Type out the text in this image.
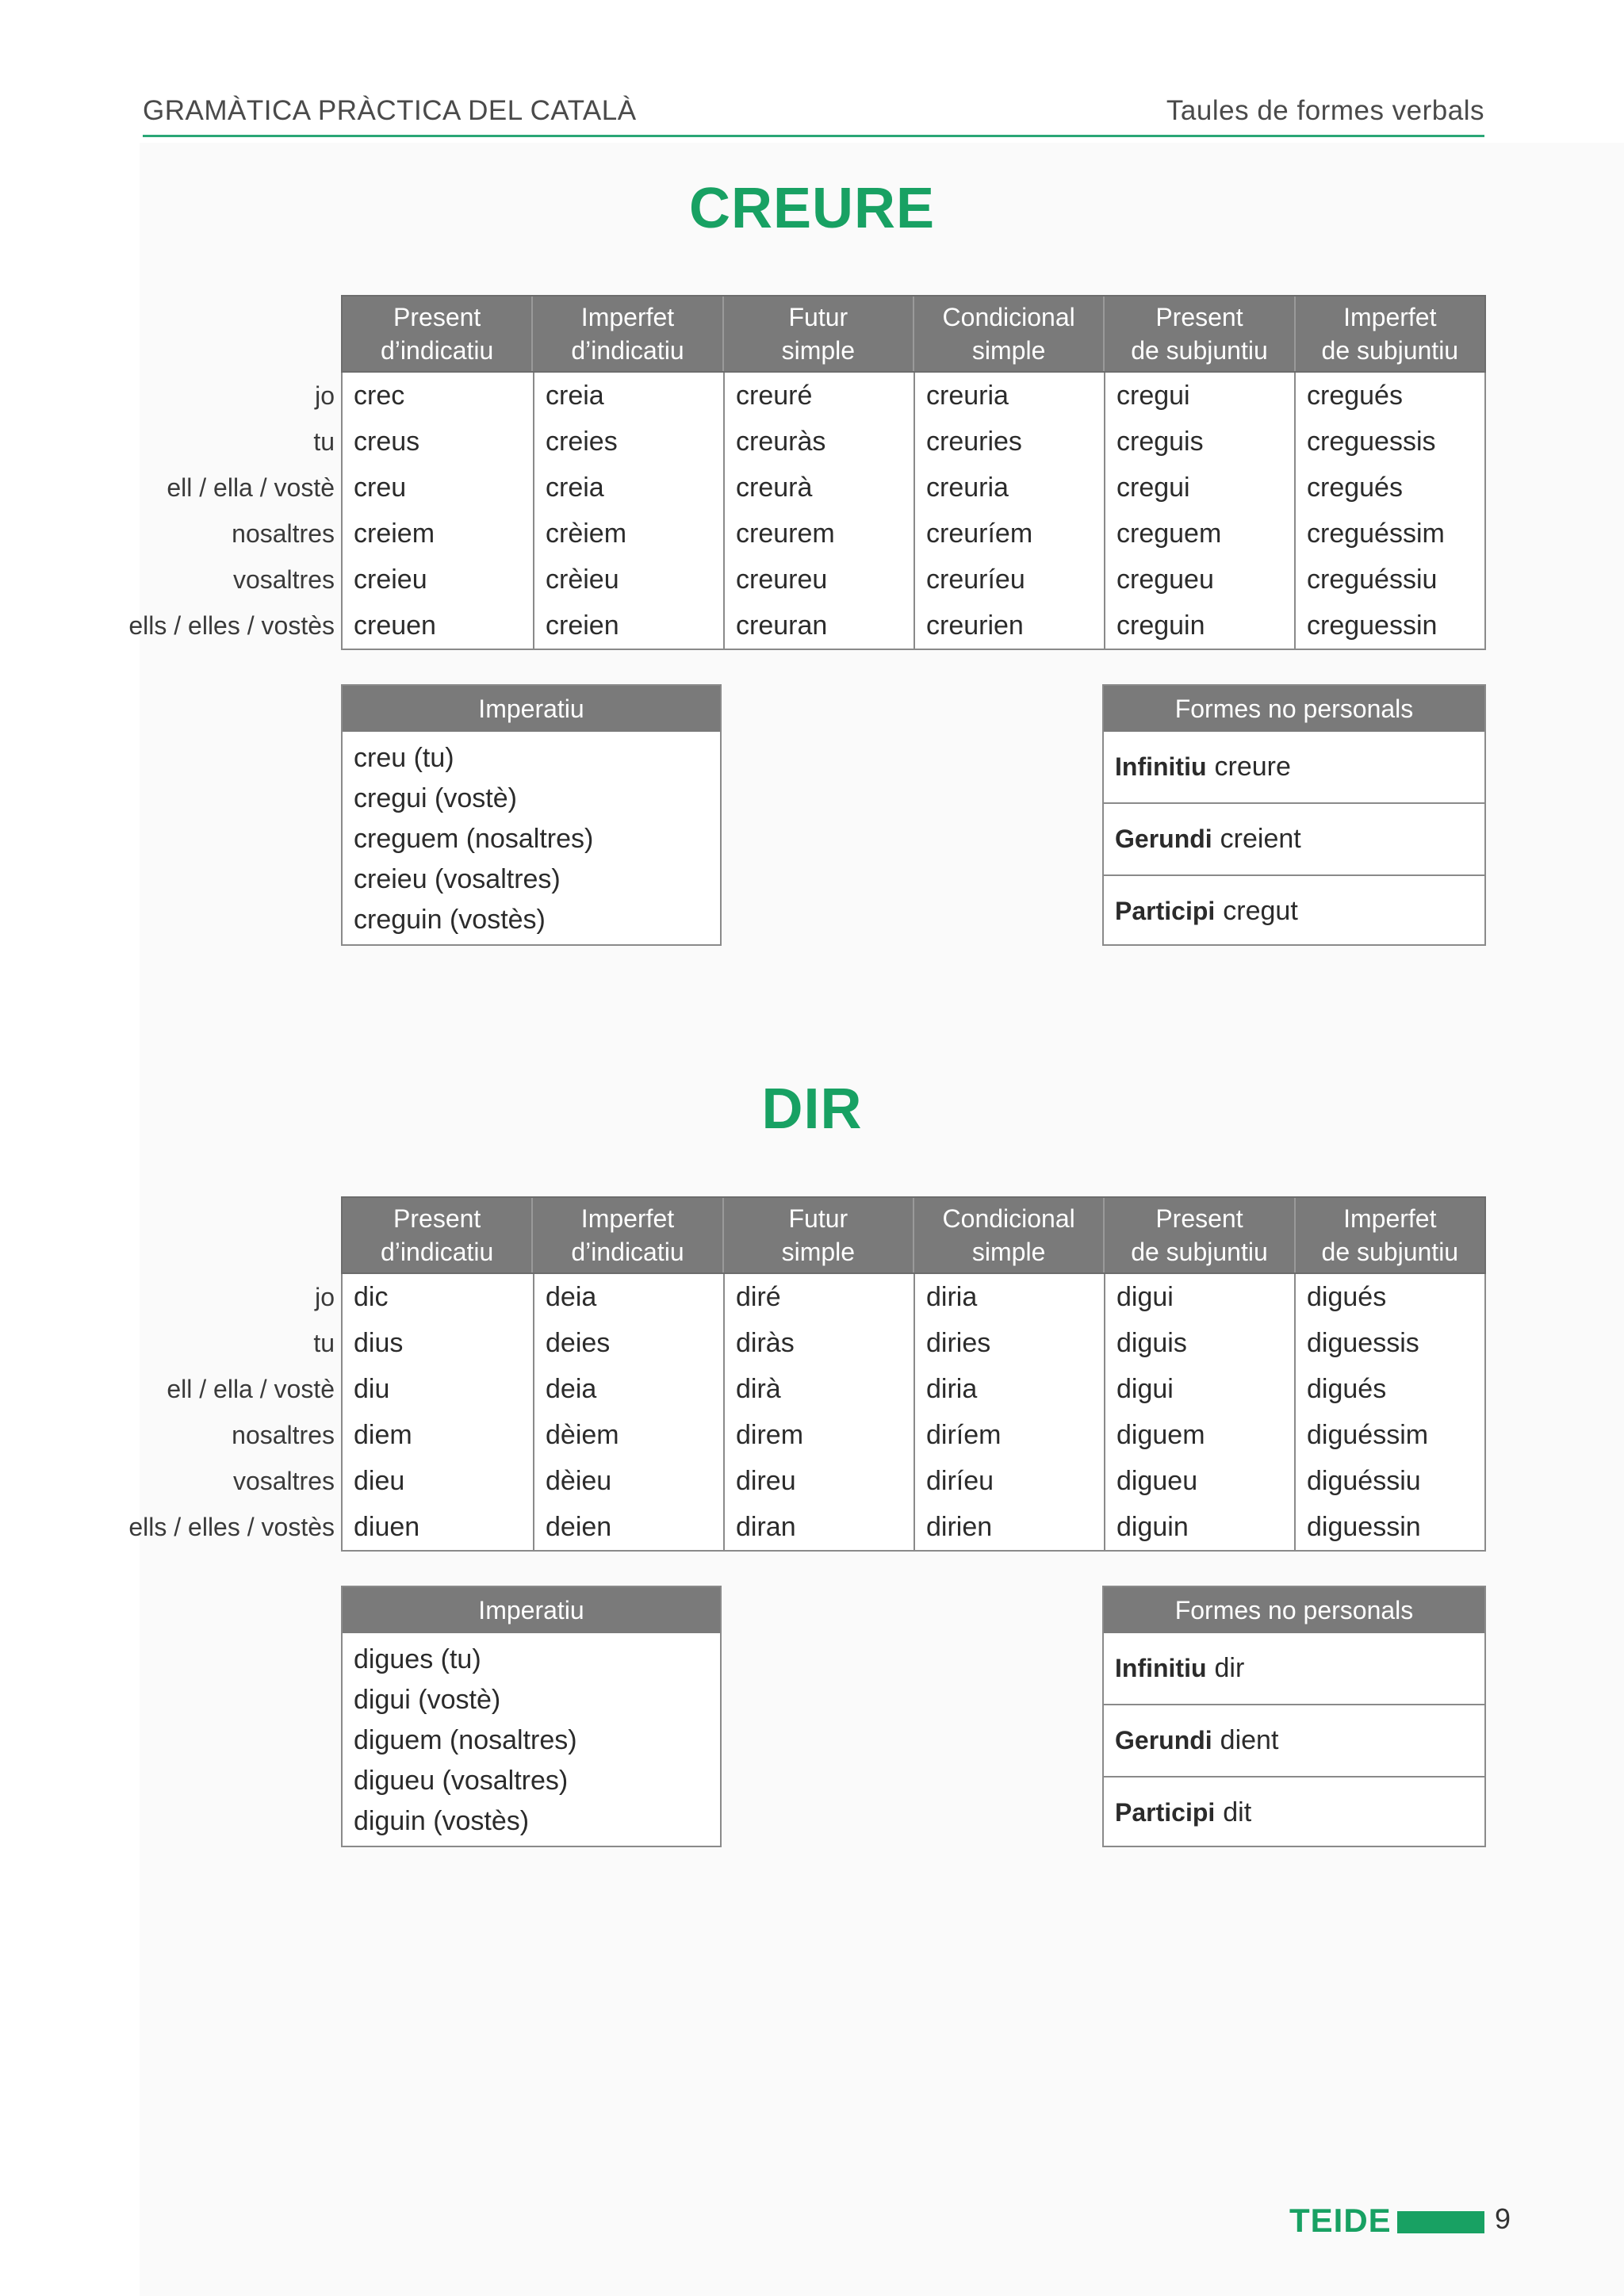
GRAMÀTICA PRÀCTICA DEL CATALÀ	Taules de formes verbals
CREURE
Present
d’indicatiu
Imperfet
d’indicatiu
Futur
simple
Condicional
simple
Present
de subjuntiu
Imperfet
de subjuntiu
jo
tu
ell / ella / vostè
nosaltres
vosaltres
ells / elles / vostès
crec
creus
creu
creiem
creieu
creuen
creia
creies
creia
crèiem
crèieu
creien
creuré
creuràs
creurà
creurem
creureu
creuran
creuria
creuries
creuria
creuríem
creuríeu
creurien
cregui
creguis
cregui
creguem
cregueu
creguin
cregués
creguessis
cregués
creguéssim
creguéssiu
creguessin
Imperatiu
creu (tu)
cregui (vostè)
creguem (nosaltres)
creieu (vosaltres)
creguin (vostès)
Formes no personals
Infinitiu creure
Gerundi creient
Participi cregut
DIR
Present
d’indicatiu
Imperfet
d’indicatiu
Futur
simple
Condicional
simple
Present
de subjuntiu
Imperfet
de subjuntiu
jo
tu
ell / ella / vostè
nosaltres
vosaltres
ells / elles / vostès
dic
dius
diu
diem
dieu
diuen
deia
deies
deia
dèiem
dèieu
deien
diré
diràs
dirà
direm
direu
diran
diria
diries
diria
diríem
diríeu
dirien
digui
diguis
digui
diguem
digueu
diguin
digués
diguessis
digués
diguéssim
diguéssiu
diguessin
Imperatiu
digues (tu)
digui (vostè)
diguem (nosaltres)
digueu (vosaltres)
diguin (vostès)
Formes no personals
Infinitiu dir
Gerundi dient
Participi dit
TEIDE	9
